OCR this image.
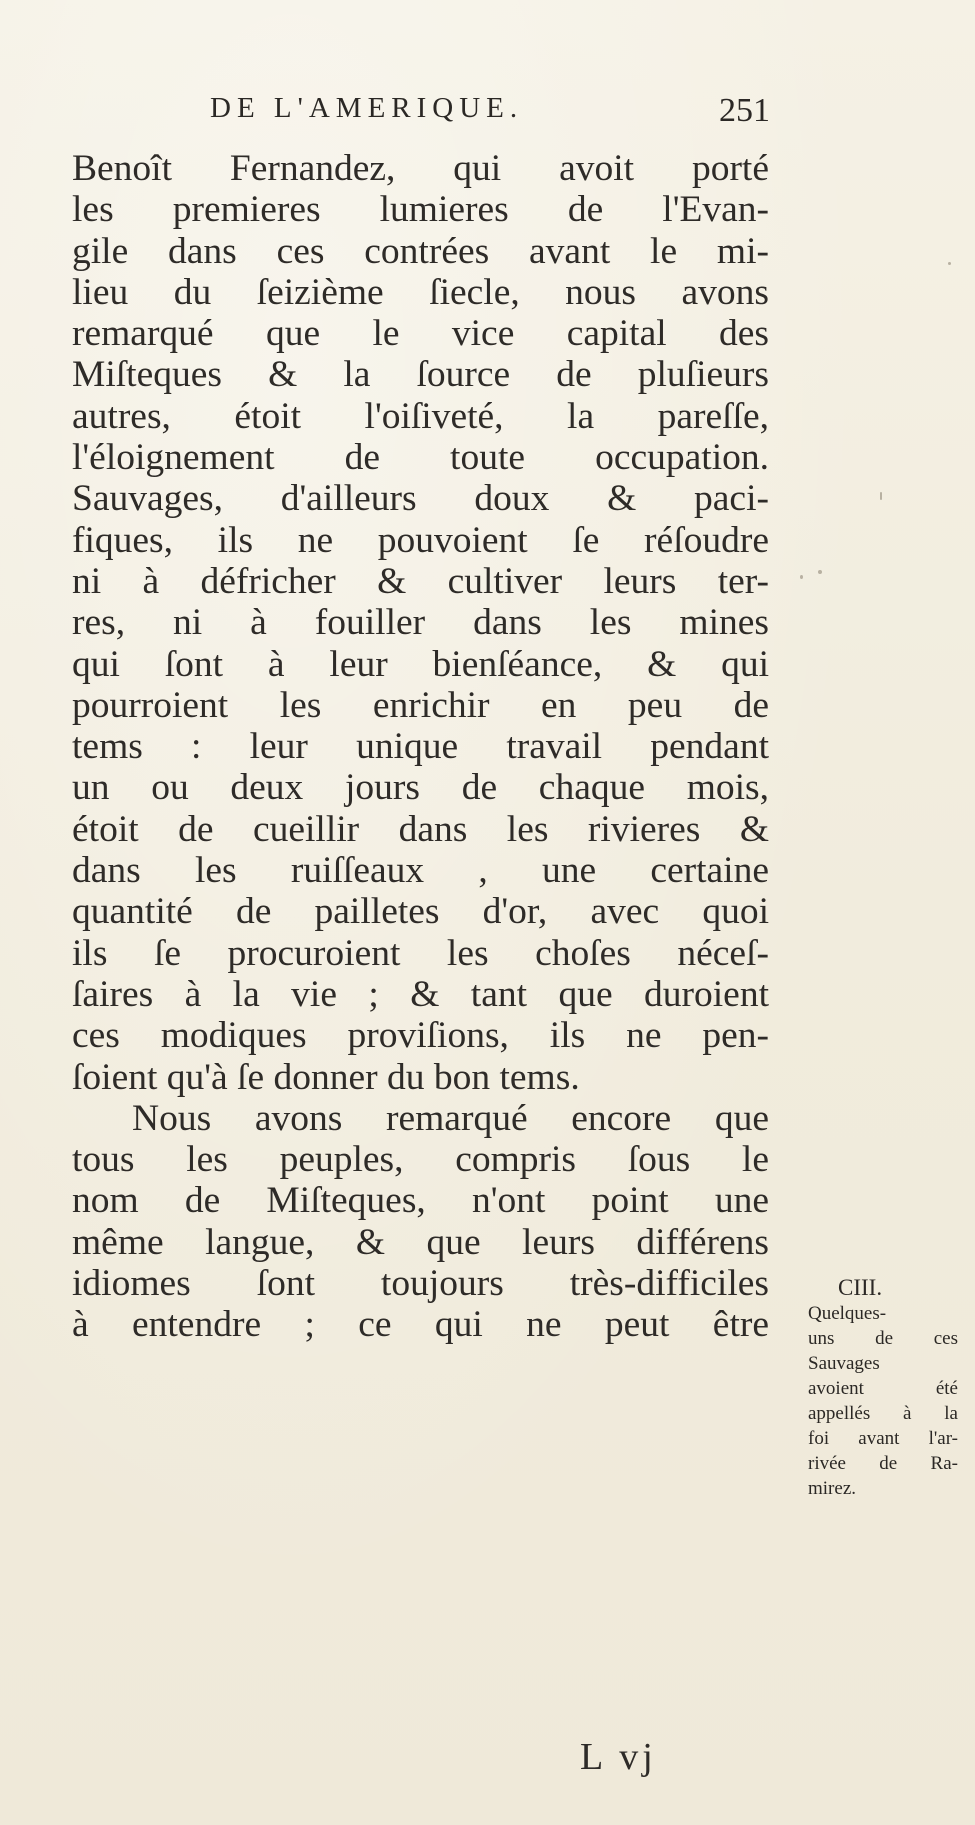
DE L'AMERIQUE.	251
Benoît Fernandez, qui avoit porté
les premieres lumieres de l'Evan-
gile dans ces contrées avant le mi-
lieu du ſeizième ſiecle, nous avons
remarqué que le vice capital des
Miſteques & la ſource de pluſieurs
autres, étoit l'oiſiveté, la pareſſe,
l'éloignement de toute occupation.
Sauvages, d'ailleurs doux & paci-
fiques, ils ne pouvoient ſe réſoudre
ni à défricher & cultiver leurs ter-
res, ni à fouiller dans les mines
qui ſont à leur bienſéance, & qui
pourroient les enrichir en peu de
tems : leur unique travail pendant
un ou deux jours de chaque mois,
étoit de cueillir dans les rivieres &
dans les ruiſſeaux , une certaine
quantité de pailletes d'or, avec quoi
ils ſe procuroient les choſes néceſ-
ſaires à la vie ; & tant que duroient
ces modiques proviſions, ils ne pen-
ſoient qu'à ſe donner du bon tems.
Nous avons remarqué encore que
tous les peuples, compris ſous le
nom de Miſteques, n'ont point une
même langue, & que leurs différens
idiomes ſont toujours très-difficiles
à entendre ; ce qui ne peut être
CIII.
Quelques-
uns de ces
Sauvages
avoient été
appellés à la
foi avant l'ar-
rivée de Ra-
mirez.
L vj
